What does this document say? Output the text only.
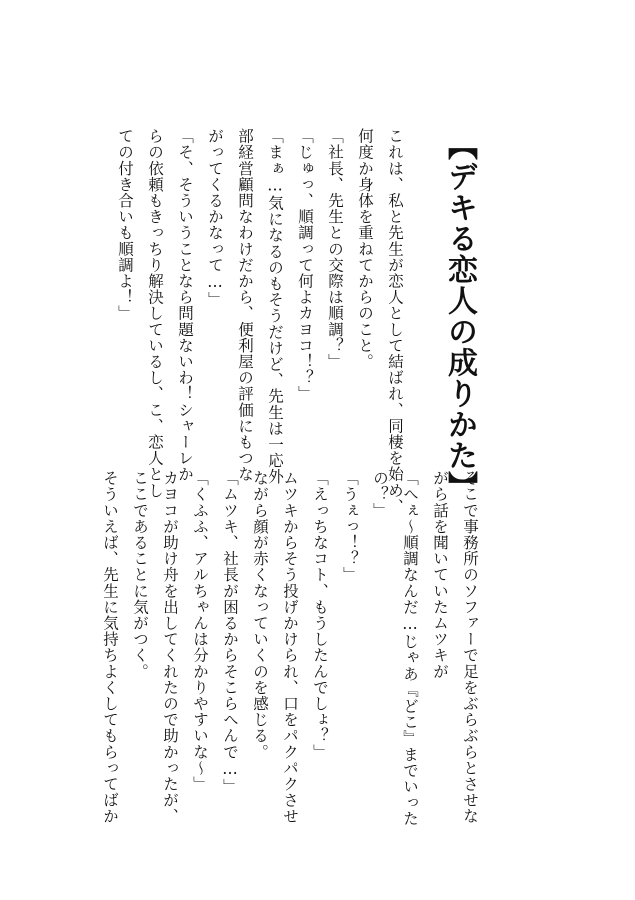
【デキる恋人の成りかた】
これは、私と先生が恋人として結ばれ、同棲を始め、
何度か身体を重ねてからのこと。
「社長、先生との交際は順調？」
「じゅっ、順調って何よカヨコ！？」
「まぁ…気になるのもそうだけど、先生は一応外
部経営顧問なわけだから、便利屋の評価にもつな
がってくるかなって…」
「そ、そういうことなら問題ないわ！シャーレか
らの依頼もきっちり解決しているし、こ、恋人とし
ての付き合いも順調よ！」
そこで事務所のソファーで足をぶらぶらとさせな
がら話を聞いていたムツキが
「へぇ～順調なんだ…じゃあ『どこ』までいった
の？」
「うぇっ！？」
「えっちなコト、もうしたんでしょ？」
ムツキからそう投げかけられ、口をパクパクさせ
ながら顔が赤くなっていくのを感じる。
「ムツキ、社長が困るからそこらへんで…」
「くふふ、アルちゃんは分かりやすいな～」
カヨコが助け舟を出してくれたので助かったが、
ここであることに気がつく。
そういえば、先生に気持ちよくしてもらってばか
